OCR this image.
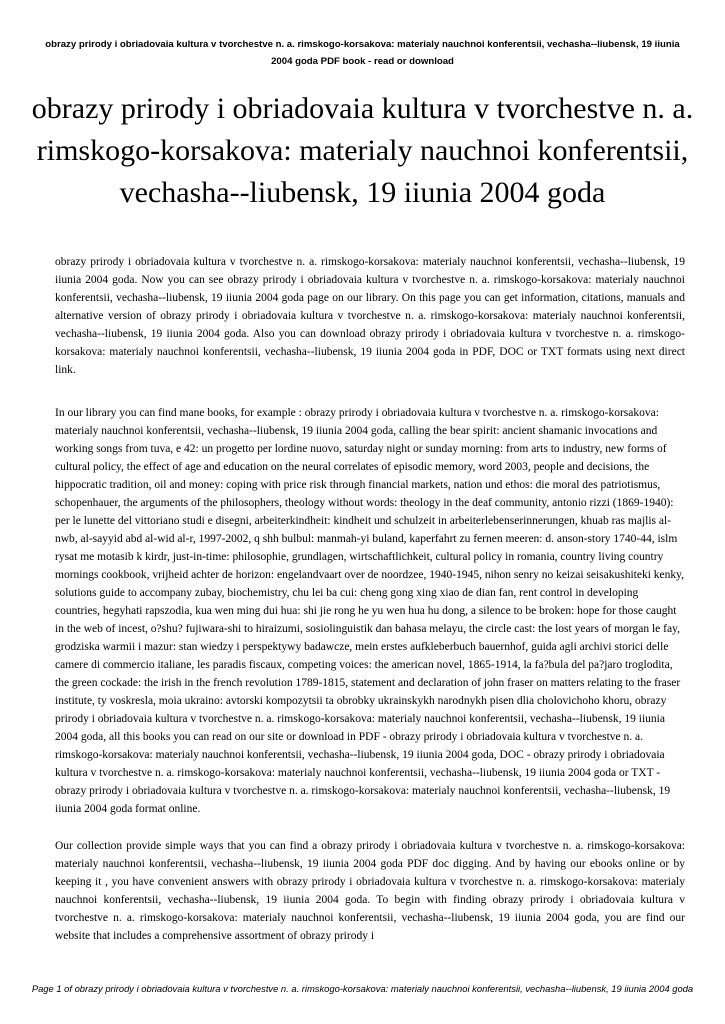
obrazy prirody i obriadovaia kultura v tvorchestve n. a. rimskogo-korsakova: materialy nauchnoi konferentsii, vechasha--liubensk, 19 iiunia
2004 goda PDF book - read or download
obrazy prirody i obriadovaia kultura v tvorchestve n. a. rimskogo-korsakova: materialy nauchnoi konferentsii, vechasha--liubensk, 19 iiunia 2004 goda

obrazy prirody i obriadovaia kultura v tvorchestve n. a. rimskogo-korsakova: materialy nauchnoi konferentsii, vechasha--liubensk, 19 iiunia 2004 goda. Now you can see obrazy prirody i obriadovaia kultura v tvorchestve n. a. rimskogo-korsakova: materialy nauchnoi konferentsii, vechasha--liubensk, 19 iiunia 2004 goda page on our library. On this page you can get information, citations, manuals and alternative version of obrazy prirody i obriadovaia kultura v tvorchestve n. a. rimskogo-korsakova: materialy nauchnoi konferentsii, vechasha--liubensk, 19 iiunia 2004 goda. Also you can download obrazy prirody i obriadovaia kultura v tvorchestve n. a. rimskogo-korsakova: materialy nauchnoi konferentsii, vechasha--liubensk, 19 iiunia 2004 goda in PDF, DOC or TXT formats using next direct link.

In our library you can find mane books, for example : obrazy prirody i obriadovaia kultura v tvorchestve n. a. rimskogo-korsakova: materialy nauchnoi konferentsii, vechasha--liubensk, 19 iiunia 2004 goda, calling the bear spirit: ancient shamanic invocations and working songs from tuva, e 42: un progetto per lordine nuovo, saturday night or sunday morning: from arts to industry, new forms of cultural policy, the effect of age and education on the neural correlates of episodic memory, word 2003, people and decisions, the hippocratic tradition, oil and money: coping with price risk through financial markets, nation und ethos: die moral des patriotismus, schopenhauer, the arguments of the philosophers, theology without words: theology in the deaf community, antonio rizzi (1869-1940): per le lunette del vittoriano studi e disegni, arbeiterkindheit: kindheit und schulzeit in arbeiterlebenserinnerungen, khuab ras majlis al-nwb, al-sayyid abd al-wid al-r, 1997-2002, q shh bulbul: manmah-yi buland, kaperfahrt zu fernen meeren: d. anson-story 1740-44, islm rysat me motasib k kirdr, just-in-time: philosophie, grundlagen, wirtschaftlichkeit, cultural policy in romania, country living country mornings cookbook, vrijheid achter de horizon: engelandvaart over de noordzee, 1940-1945, nihon senry no keizai seisakushiteki kenky, solutions guide to accompany zubay, biochemistry, chu lei ba cui: cheng gong xing xiao de dian fan, rent control in developing countries, hegyhati rapszodia, kua wen ming dui hua: shi jie rong he yu wen hua hu dong, a silence to be broken: hope for those caught in the web of incest, o?shu? fujiwara-shi to hiraizumi, sosiolinguistik dan bahasa melayu, the circle cast: the lost years of morgan le fay, grodziska warmii i mazur: stan wiedzy i perspektywy badawcze, mein erstes aufkleberbuch bauernhof, guida agli archivi storici delle camere di commercio italiane, les paradis fiscaux, competing voices: the american novel, 1865-1914, la fa?bula del pa?jaro troglodita, the green cockade: the irish in the french revolution 1789-1815, statement and declaration of john fraser on matters relating to the fraser institute, ty voskresla, moia ukraino: avtorski kompozytsii ta obrobky ukrainskykh narodnykh pisen dlia cholovichoho khoru, obrazy prirody i obriadovaia kultura v tvorchestve n. a. rimskogo-korsakova: materialy nauchnoi konferentsii, vechasha--liubensk, 19 iiunia 2004 goda, all this books you can read on our site or download in PDF - obrazy prirody i obriadovaia kultura v tvorchestve n. a. rimskogo-korsakova: materialy nauchnoi konferentsii, vechasha--liubensk, 19 iiunia 2004 goda, DOC - obrazy prirody i obriadovaia kultura v tvorchestve n. a. rimskogo-korsakova: materialy nauchnoi konferentsii, vechasha--liubensk, 19 iiunia 2004 goda or TXT - obrazy prirody i obriadovaia kultura v tvorchestve n. a. rimskogo-korsakova: materialy nauchnoi konferentsii, vechasha--liubensk, 19 iiunia 2004 goda format online.

Our collection provide simple ways that you can find a obrazy prirody i obriadovaia kultura v tvorchestve n. a. rimskogo-korsakova: materialy nauchnoi konferentsii, vechasha--liubensk, 19 iiunia 2004 goda PDF doc digging. And by having our ebooks online or by keeping it , you have convenient answers with obrazy prirody i obriadovaia kultura v tvorchestve n. a. rimskogo-korsakova: materialy nauchnoi konferentsii, vechasha--liubensk, 19 iiunia 2004 goda. To begin with finding obrazy prirody i obriadovaia kultura v tvorchestve n. a. rimskogo-korsakova: materialy nauchnoi konferentsii, vechasha--liubensk, 19 iiunia 2004 goda, you are find our website that includes a comprehensive assortment of obrazy prirody i

Page 1 of obrazy prirody i obriadovaia kultura v tvorchestve n. a. rimskogo-korsakova: materialy nauchnoi konferentsii, vechasha--liubensk, 19 iiunia 2004 goda
